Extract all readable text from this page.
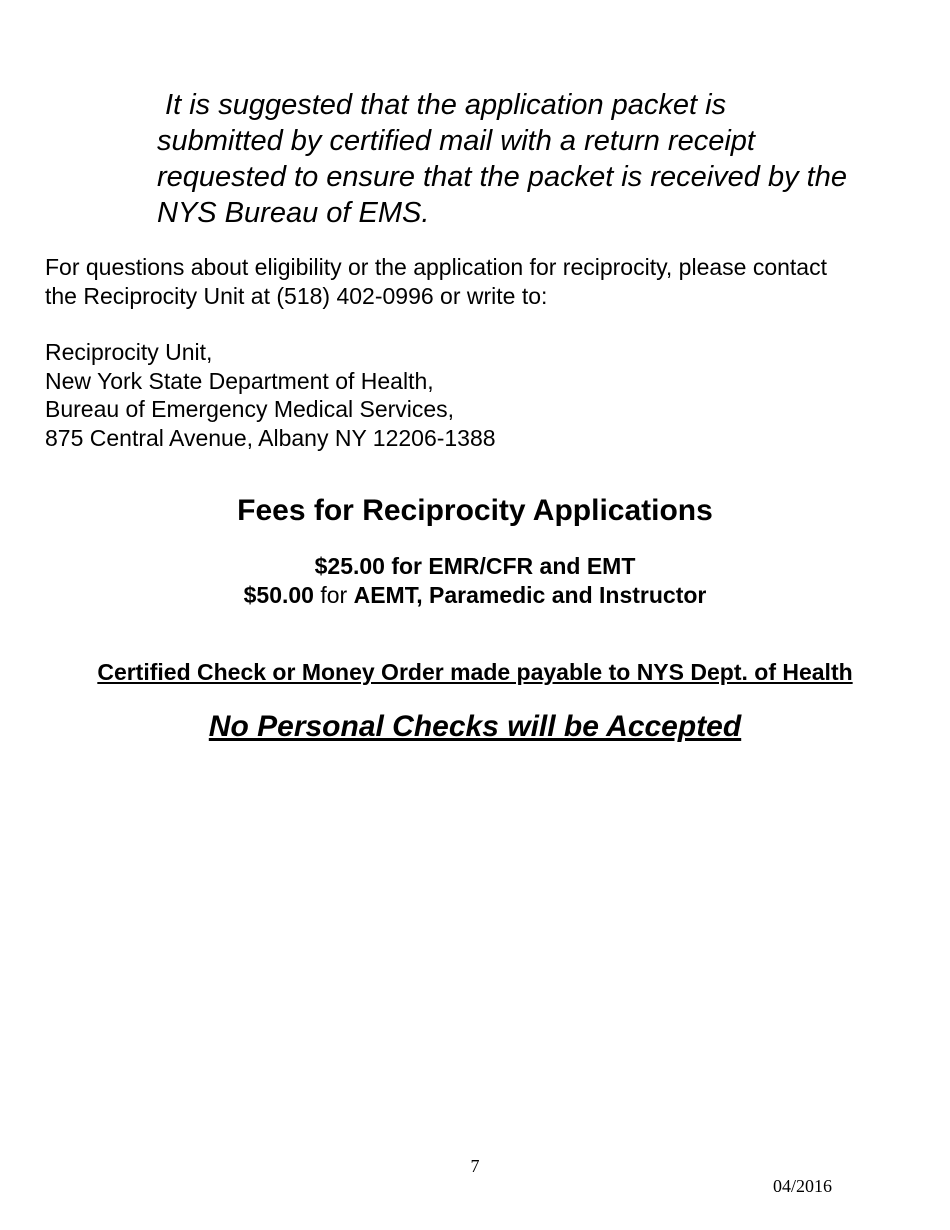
It is suggested that the application packet is
submitted by certified mail with a return receipt
requested to ensure that the packet is received by the
NYS Bureau of EMS.

For questions about eligibility or the application for reciprocity, please contact
the Reciprocity Unit at (518) 402-0996 or write to:

Reciprocity Unit,
New York State Department of Health,
Bureau of Emergency Medical Services,
875 Central Avenue, Albany NY 12206-1388

Fees for Reciprocity Applications
$25.00 for EMR/CFR and EMT
$50.00 for AEMT, Paramedic and Instructor

Certified Check or Money Order made payable to NYS Dept. of Health

No Personal Checks will be Accepted

7
04/2016
